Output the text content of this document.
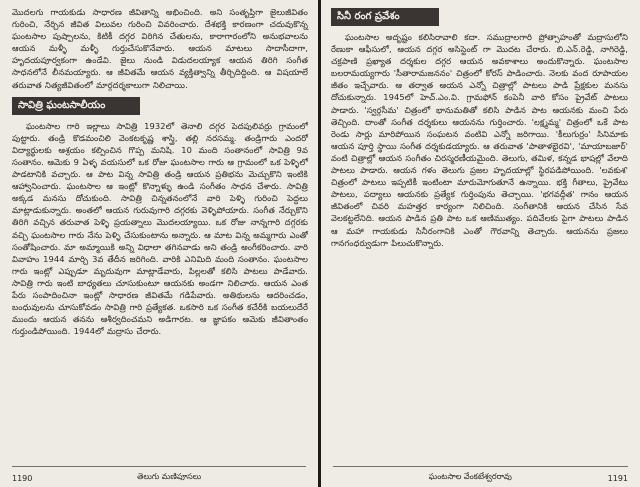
మొదలగు గాయకుడు సాధారణ జీవితాన్ని అభించింది. అని సంతృప్తిగా జైలుజీవితం గురించి, నేర్చిన జీవిత విలువల గురించి వివరించారు. దేశభక్తి కారణంగా చదువుకొన్న ఘంటసాల పుష్పాలను, కిటికీ దగ్గర విరిగిన చేతులను, కారాగారంలోని అనుభవాలను ఆయన మళ్ళీ మళ్ళీ గుర్తుచేసుకొనేవారు. ఆయన మాటలు సాదాసీదాగా, హృదయపూర్వకంగా ఉండేవి. జైలు నుండి విడుదలయ్యాక ఆయన తిరిగి సంగీత సాధనలోనే లీనమయ్యారు. ఆ జీవితమే ఆయన వ్యక్తిత్వాన్ని తీర్చిదిద్దింది. ఆ విషయాలే తరువాత నిత్యజీవితంలో మార్గదర్శకాలుగా నిలిచాయి.

సావిత్రి ఘంటసాలీయం

ఘంటసాల గారి ఇల్లాలు సావిత్రి 1932లో తెనాలి దగ్గర పెదపులివర్రు గ్రామంలో పుట్టారు. తండ్రి కొడమంచిలి వెంకటకృష్ణ శాస్త్రి, తల్లి నరసమ్మ. తండ్రిగారు ఎందరో విద్యార్థులకు ఆశ్రయం కల్పించిన గొప్ప మనిషి. 10 మంది సంతానంలో సావిత్రి 9వ సంతానం. ఆమెకు 9 ఏళ్ళ వయసులో ఒక రోజు ఘంటసాల గారు ఆ గ్రామంలో ఒక పెళ్ళిలో పాడటానికి వచ్చారు. ఆ పాట విన్న సావిత్రి తండ్రి ఆయన ప్రతిభను మెచ్చుకొని ఇంటికి ఆహ్వానించారు. ఘంటసాల ఆ ఇంట్లో కొన్నాళ్ళు ఉండి సంగీతం సాధన చేశారు. సావిత్రి అక్కడ మనసు దోచుకుంది. సావిత్రి చిన్నతనంలోనే వారి పెళ్ళి గురించి పెద్దలు మాట్లాడుకున్నారు. అంతలో ఆయన గురువుగారి దగ్గరకు వెళ్ళిపోయారు. సంగీత నేర్చుకొని తిరిగి వచ్చిన తరువాత పెళ్ళి ప్రయత్నాలు మొదలయ్యాయి. ఒక రోజు నాన్నగారి దగ్గరకు వచ్చి ఘంటసాల గారు నేను పెళ్ళి చేసుకుంటాను అన్నారు. ఆ మాట విన్న అమ్మగారు ఎంతో సంతోషించారు. మా అమ్మాయికి అన్ని విధాలా తగినవాడు అని తండ్రి అంగీకరించారు. వారి వివాహం 1944 మార్చి 3వ తేదీన జరిగింది. వారికి ఎనిమిది మంది సంతానం. ఘంటసాల గారు ఇంట్లో ఎప్పుడూ మృదువుగా మాట్లాడేవారు, పిల్లలతో కలిసి పాటలు పాడేవారు. సావిత్రి గారు ఇంటి బాధ్యతలు చూసుకుంటూ ఆయనకు అండగా నిలిచారు. ఆయన ఎంత పేరు సంపాదించినా ఇంట్లో సాధారణ జీవితమే గడిపేవారు. అతిథులను ఆదరించడం, బంధువులను చూసుకోవడం సావిత్రి గారి ప్రత్యేకత. ఒకసారి ఒక సంగీత కచేరీకి బయలుదేరే ముందు ఆయన తనను ఆశీర్వదించమని అడిగారట. ఆ జ్ఞాపకం ఆమెకు జీవితాంతం గుర్తుండిపోయింది. 1944లో మద్రాసు చేరారు.

1190	తెలుగు మణిపూసలు
సినీ రంగ ప్రవేశం

ఘంటసాల అదృష్టం కలిసిరావాలి కదా. సముద్రాలగారి ప్రోత్సాహంతో మద్రాసులోని రేణుకా ఆఫీసులో, ఆయన దగ్గర అసిస్టెంట్ గా మొదట చేరారు. బి.ఎన్.రెడ్డి, నాగిరెడ్డి, చక్రపాణి ప్రఖ్యాత దర్శకుల దగ్గర ఆయన అవకాశాలు అందుకొన్నారు. ఘంటసాల బలరామయ్యగారు 'సీతారామజననం' చిత్రంలో కోరస్ పాడించారు. నెలకు వంద రూపాయల జీతం ఇచ్చేవారు. ఆ తర్వాత ఆయన ఎన్నో చిత్రాల్లో పాటలు పాడి ప్రేక్షకుల మనసు దోచుకున్నారు. 1945లో హెచ్.ఎం.వి. గ్రామఫోన్ కంపెనీ వారి కోసం ప్రైవేట్ పాటలు పాడారు. 'స్వర్గసీమ' చిత్రంలో భానుమతితో కలిసి పాడిన పాట ఆయనకు మంచి పేరు తెచ్చింది. దాంతో సంగీత దర్శకులు ఆయనను గుర్తించారు. 'లక్ష్మమ్మ' చిత్రంలో ఒకే పాట రెండు సార్లు మారిపోయిన సంఘటన వంటివి ఎన్నో జరిగాయి. 'కీలుగుర్రం' సినిమాకు ఆయన పూర్తి స్థాయి సంగీత దర్శకుడయ్యారు. ఆ తరువాత 'పాతాళభైరవి', 'మాయాబజార్' వంటి చిత్రాల్లో ఆయన సంగీతం చిరస్మరణీయమైంది. తెలుగు, తమిళ, కన్నడ భాషల్లో వేలాది పాటలు పాడారు. ఆయన గళం తెలుగు ప్రజల హృదయాల్లో స్థిరపడిపోయింది. 'లవకుశ' చిత్రంలో పాటలు ఇప్పటికీ ఇంటింటా మారుమోగుతూనే ఉన్నాయి. భక్తి గీతాలు, ప్రైవేటు పాటలు, పద్యాలు ఆయనకు ప్రత్యేక గుర్తింపును తెచ్చాయి. 'భగవద్గీత' గానం ఆయన జీవితంలో చివరి మహత్తర కార్యంగా నిలిచింది. సంగీతానికి ఆయన చేసిన సేవ వెలకట్టలేనిది. ఆయన పాడిన ప్రతి పాట ఒక ఆణిముత్యం. పదివేలకు పైగా పాటలు పాడిన ఆ మహా గాయకుడు సినీరంగానికి ఎంతో గౌరవాన్ని తెచ్చారు. ఆయనను ప్రజలు గానగంధర్వుడుగా పిలుచుకొన్నారు.

ఘంటసాల వేంకటేశ్వరరావు	1191
